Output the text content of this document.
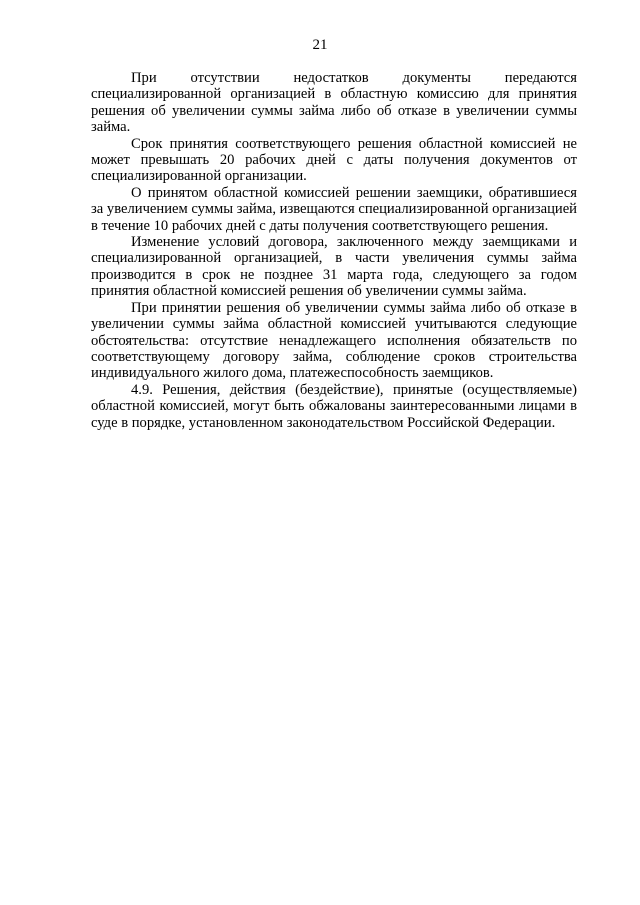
21

При отсутствии недостатков документы передаются специализированной организацией в областную комиссию для принятия решения об увеличении суммы займа либо об отказе в увеличении суммы займа.

Срок принятия соответствующего решения областной комиссией не может превышать 20 рабочих дней с даты получения документов от специализированной организации.

О принятом областной комиссией решении заемщики, обратившиеся за увеличением суммы займа, извещаются специализированной организацией в течение 10 рабочих дней с даты получения соответствующего решения.

Изменение условий договора, заключенного между заемщиками и специализированной организацией, в части увеличения суммы займа производится в срок не позднее 31 марта года, следующего за годом принятия областной комиссией решения об увеличении суммы займа.

При принятии решения об увеличении суммы займа либо об отказе в увеличении суммы займа областной комиссией учитываются следующие обстоятельства: отсутствие ненадлежащего исполнения обязательств по соответствующему договору займа, соблюдение сроков строительства индивидуального жилого дома, платежеспособность заемщиков.

4.9. Решения, действия (бездействие), принятые (осуществляемые) областной комиссией, могут быть обжалованы заинтересованными лицами в суде в порядке, установленном законодательством Российской Федерации.
